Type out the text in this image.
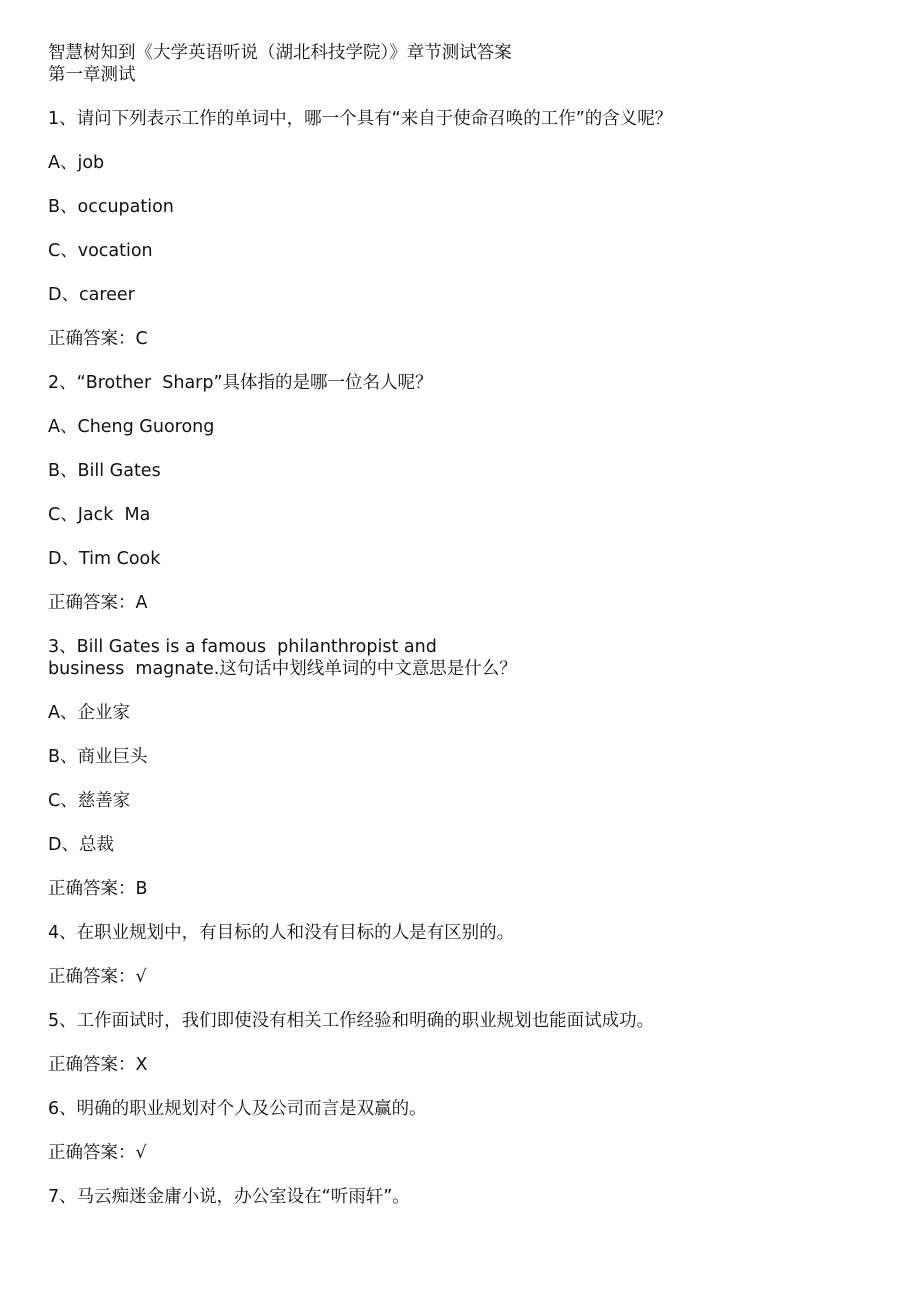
智慧树知到《大学英语听说（湖北科技学院）》章节测试答案

第一章测试

1、请问下列表示工作的单词中，哪一个具有“来自于使命召唤的工作”的含义呢？

A、job

B、occupation

C、vocation

D、career

正确答案：C

2、“Brother  Sharp”具体指的是哪一位名人呢？

A、Cheng Guorong

B、Bill Gates

C、Jack  Ma

D、Tim Cook

正确答案：A

3、Bill Gates is a famous  philanthropist and
business  magnate.这句话中划线单词的中文意思是什么？

A、企业家

B、商业巨头

C、慈善家

D、总裁

正确答案：B

4、在职业规划中，有目标的人和没有目标的人是有区别的。

正确答案：√

5、工作面试时，我们即使没有相关工作经验和明确的职业规划也能面试成功。

正确答案：X

6、明确的职业规划对个人及公司而言是双赢的。

正确答案：√

7、马云痴迷金庸小说，办公室设在“听雨轩”。
